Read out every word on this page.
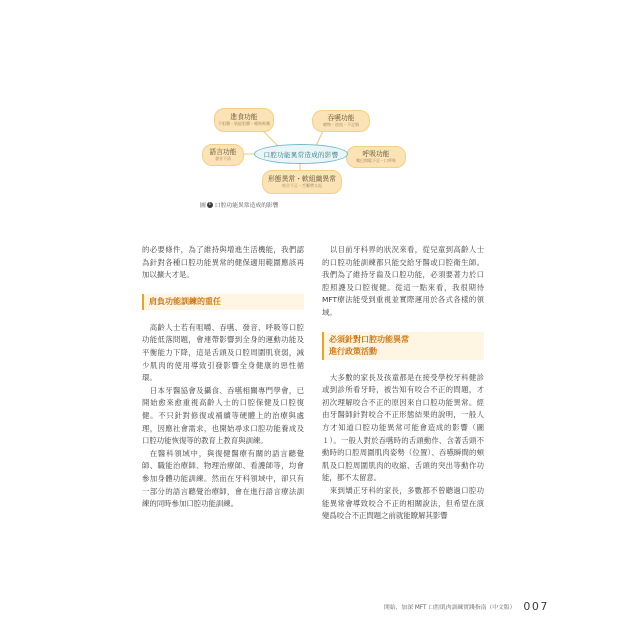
進食功能
不咀嚼・肌能咀嚼・嚥物吸嘴
吞嚥功能
嗆物・逆流・不足咽
語言功能
發音不清
呼吸功能
嘴巴開鬆不足・口呼吸
形態異常・軟組織異常
咬合不正・舌繫帶太短
口腔功能異常造成的影響
圖 1 口腔功能異常造成的影響

的必要條件，為了維持與增進生活機能，我們認為針對各種口腔功能異常的健保適用範圍應該再加以擴大才是。

肩負功能訓練的重任

高齡人士若有咀嚼、吞嚥、發音、呼吸等口腔功能低落問題，會連帶影響到全身的運動功能及平衡能力下降，這是舌頭及口腔周圍肌衰弱，減少肌肉的使用導致引發影響全身健康的惡性循環。

日本牙醫協會及攝食、吞嚥相關專門學會，已開始愈來愈重視高齡人士的口腔保健及口腔復健。不只針對修復或補續等硬體上的治療與處理，因應社會需求，也開始尋求口腔功能養成及口腔功能恢復等的教育上教育與訓練。

在醫科領域中，與復健醫療有關的語言聽覺師、職能治療師、物理治療師、看護師等，均會參加身體功能訓練。然而在牙科領域中，卻只有一部分的語言聽覺治療師，會在進行語言療法訓練的同時參加口腔功能訓練。

以目前牙科界的狀況來看，從兒童到高齡人士的口腔功能訓練都只能交給牙醫或口腔衛生師。我們為了維持牙齒及口腔功能，必須要著力於口腔照護及口腔復健。從這一點來看，我很期待MFT療法能受到重視並實際運用於各式各樣的領域。

必須針對口腔功能異常
進行政策活動

大多數的家長及孩童都是在接受學校牙科健診或到診所看牙時，被告知有咬合不正的問題，才初次理解咬合不正的原因來自口腔功能異常。經由牙醫師針對咬合不正形態結果的說明，一般人方才知道口腔功能異常可能會造成的影響（圖１）。一般人對於吞嚥時的舌頭動作、含著舌頭不動時的口腔周圍肌肉姿勢（位置）、吞嚥瞬間的頰肌及口腔周圍肌肉的收縮、舌頭的突出等動作功能，都不太留意。

來到矯正牙科的家長，多數都不曾聽過口腔功能異常會導致咬合不正的相關說法，但希望在演變爲咬合不正問題之前就能瞭解其影響

開始，加深 MFT 口腔肌肉訓練實踐指南（中文版） 007
